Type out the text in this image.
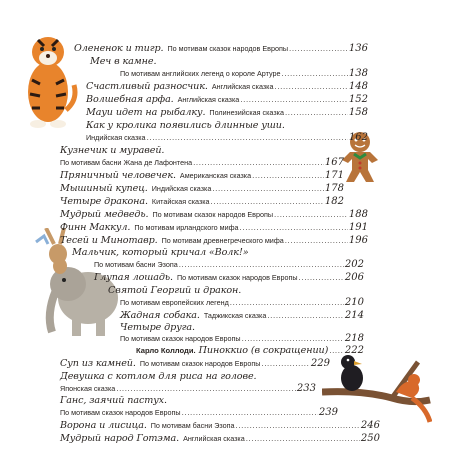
Олененок и тигр. По мотивам сказок народов Европы .....	136
Меч в камне.
По мотивам английских легенд о короле Артуре .....	138
Счастливый разносчик. Английская сказка .....	148
Волшебная арфа. Английская сказка .....	152
Мауи идет на рыбалку. Полинезийская сказка .....	158
Как у кролика появились длинные уши.
Индийская сказка .....	162
Кузнечик и муравей.
По мотивам басни Жана де Лафонтена .....	167
Пряничный человечек. Американская сказка .....	171
Мышиный купец. Индийская сказка .....	178
Четыре дракона. Китайская сказка .....	182
Мудрый медведь. По мотивам сказок народов Европы .....	188
Финн Маккул. По мотивам ирландского мифа .....	191
Тесей и Минотавр. По мотивам древнегреческого мифа .....	196
Мальчик, который кричал «Волк!»
По мотивам басни Эзопа .....	202
Глупая лошадь. По мотивам сказок народов Европы .....	206
Святой Георгий и дракон.
По мотивам европейских легенд .....	210
Жадная собака. Таджикская сказка .....	214
Четыре друга.
По мотивам сказок народов Европы .....	218
Карло Коллоди. Пиноккио (в сокращении) ..... 222
Суп из камней. По мотивам сказок народов Европы .....	229
Девушка с котлом для риса на голове.
Японская сказка .....	233
Ганс, заячий пастух.
По мотивам сказок народов Европы .....	239
Ворона и лисица. По мотивам басни Эзопа .....	246
Мудрый народ Готэма. Английская сказка .....	250
